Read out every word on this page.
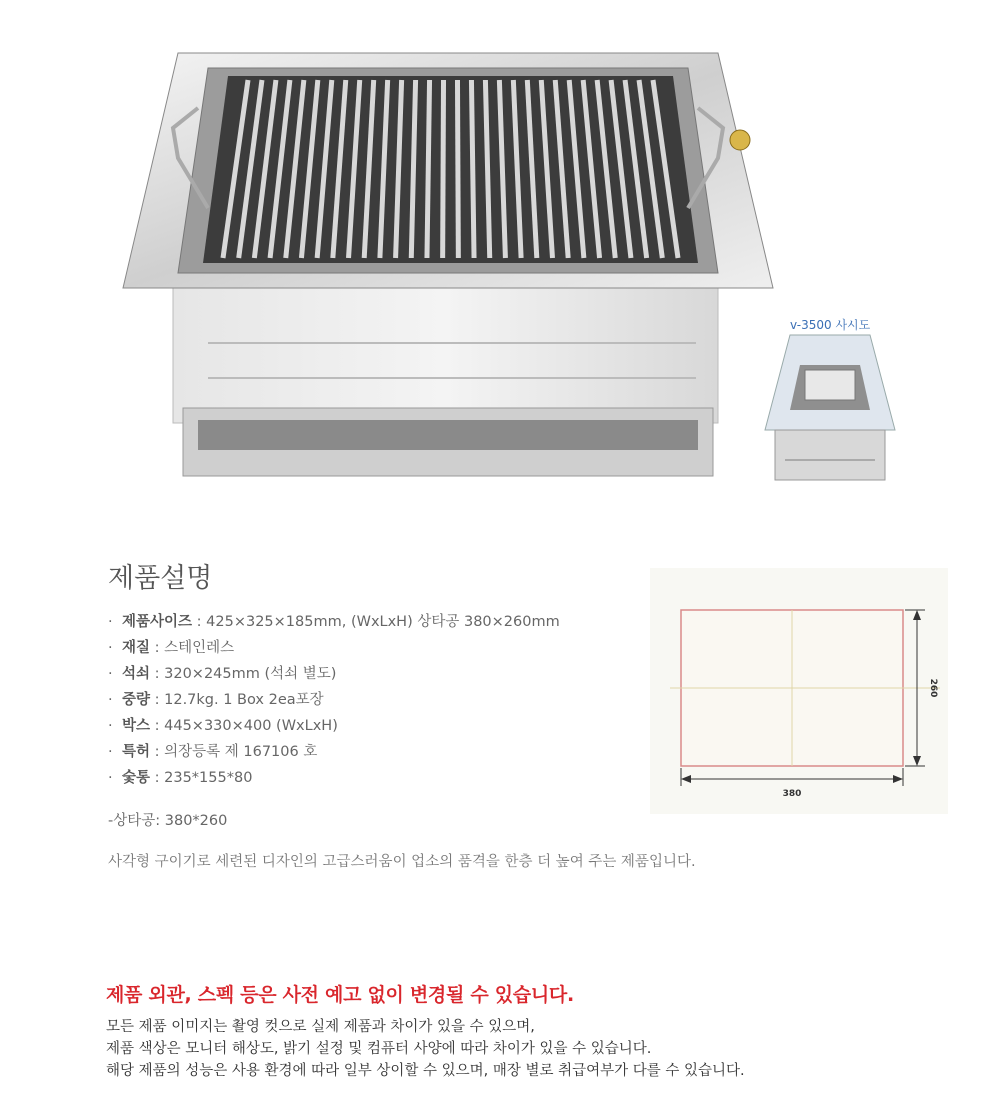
v-3500 사시도
제품설명
· 제품사이즈 : 425×325×185mm, (WxLxH) 상타공 380×260mm
· 재질 : 스테인레스
· 석쇠 : 320×245mm (석쇠 별도)
· 중량 : 12.7kg. 1 Box 2ea포장
· 박스 : 445×330×400 (WxLxH)
· 특허 : 의장등록 제 167106 호
· 숯통 : 235*155*80
-상타공: 380*260
사각형 구이기로 세련된 디자인의 고급스러움이 업소의 품격을 한층 더 높여 주는 제품입니다.
260
380
제품 외관, 스펙 등은 사전 예고 없이 변경될 수 있습니다.
모든 제품 이미지는 촬영 컷으로 실제 제품과 차이가 있을 수 있으며,
제품 색상은 모니터 해상도, 밝기 설정 및 컴퓨터 사양에 따라 차이가 있을 수 있습니다.
해당 제품의 성능은 사용 환경에 따라 일부 상이할 수 있으며, 매장 별로 취급여부가 다를 수 있습니다.
